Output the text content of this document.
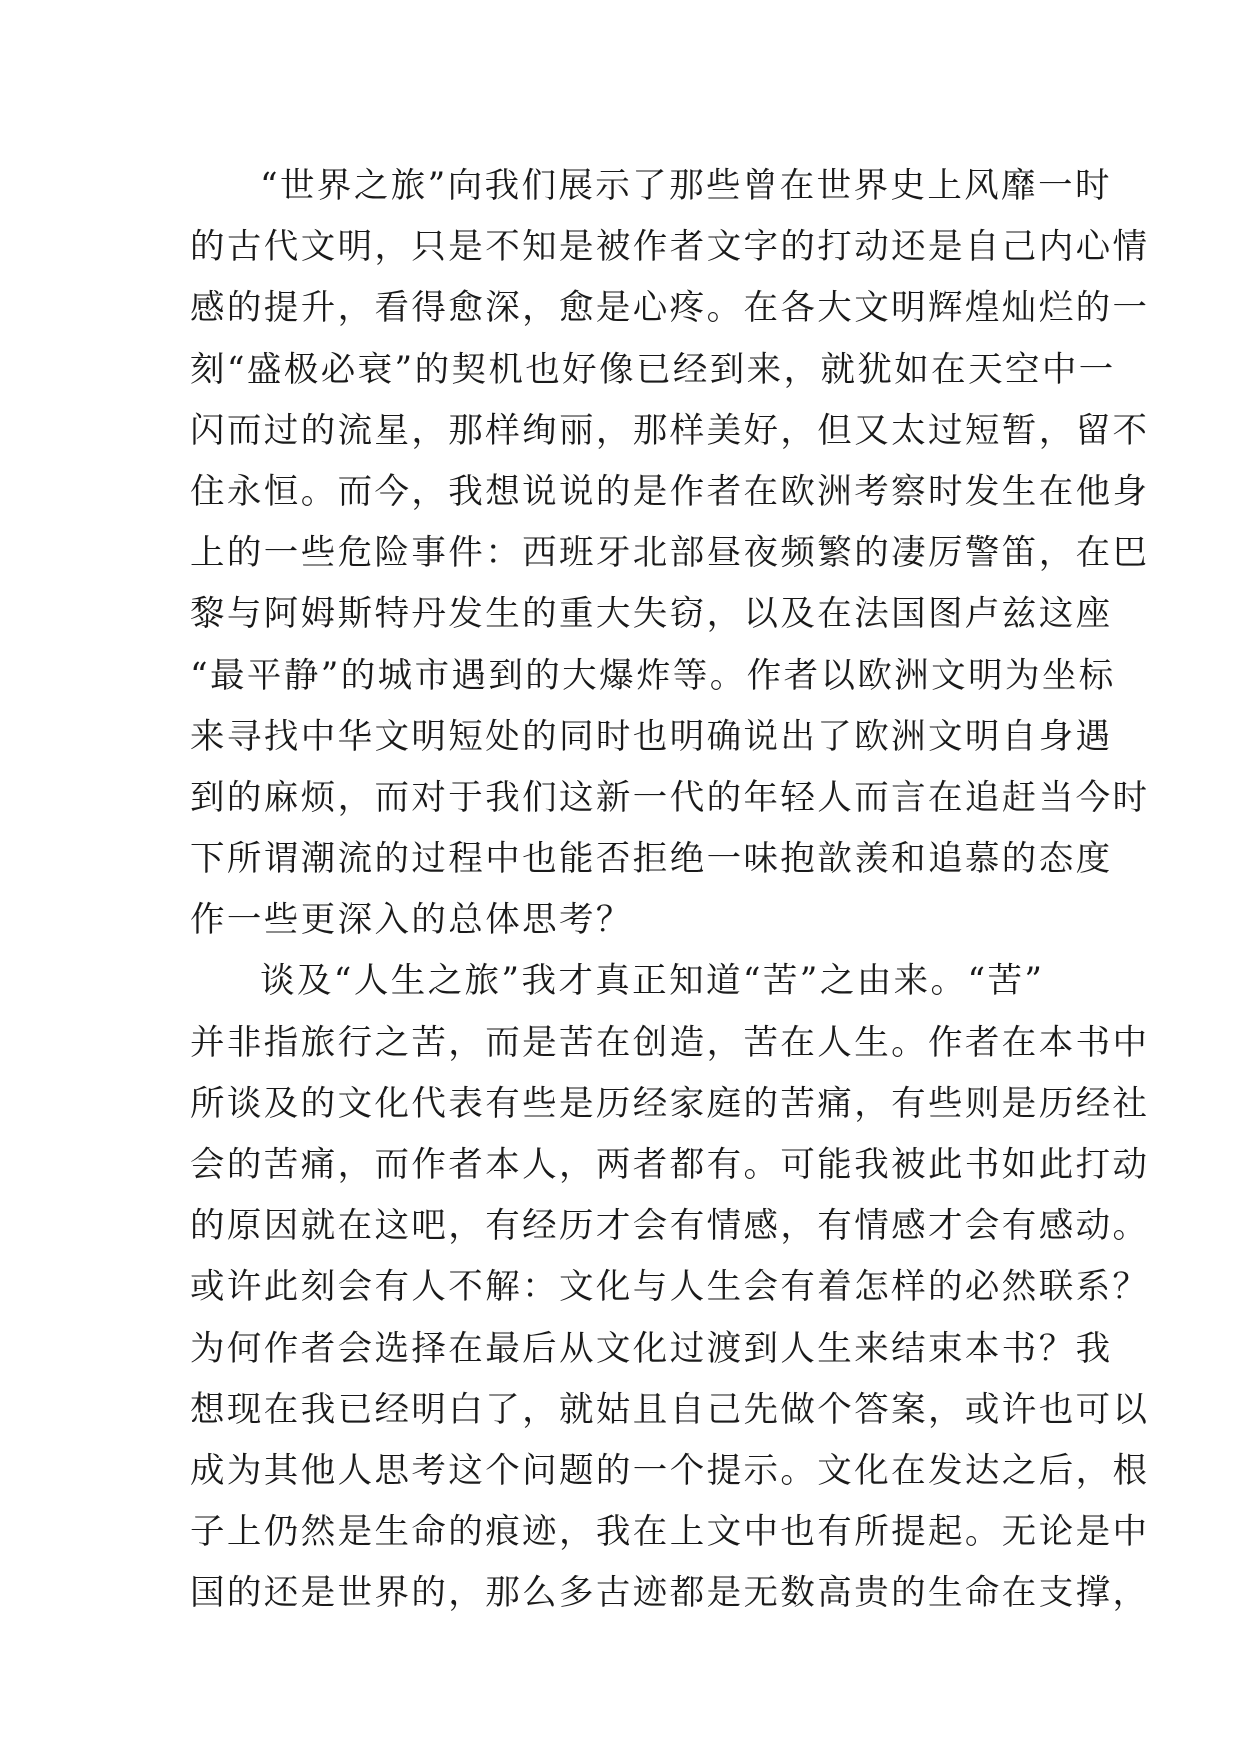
“世界之旅”向我们展示了那些曾在世界史上风靡一时
的古代文明，只是不知是被作者文字的打动还是自己内心情
感的提升，看得愈深，愈是心疼。在各大文明辉煌灿烂的一
刻“盛极必衰”的契机也好像已经到来，就犹如在天空中一
闪而过的流星，那样绚丽，那样美好，但又太过短暂，留不
住永恒。而今，我想说说的是作者在欧洲考察时发生在他身
上的一些危险事件：西班牙北部昼夜频繁的凄厉警笛，在巴
黎与阿姆斯特丹发生的重大失窃，以及在法国图卢兹这座
“最平静”的城市遇到的大爆炸等。作者以欧洲文明为坐标
来寻找中华文明短处的同时也明确说出了欧洲文明自身遇
到的麻烦，而对于我们这新一代的年轻人而言在追赶当今时
下所谓潮流的过程中也能否拒绝一味抱歆羡和追慕的态度
作一些更深入的总体思考？
谈及“人生之旅”我才真正知道“苦”之由来。“苦”
并非指旅行之苦，而是苦在创造，苦在人生。作者在本书中
所谈及的文化代表有些是历经家庭的苦痛，有些则是历经社
会的苦痛，而作者本人，两者都有。可能我被此书如此打动
的原因就在这吧，有经历才会有情感，有情感才会有感动。
或许此刻会有人不解：文化与人生会有着怎样的必然联系？
为何作者会选择在最后从文化过渡到人生来结束本书？我
想现在我已经明白了，就姑且自己先做个答案，或许也可以
成为其他人思考这个问题的一个提示。文化在发达之后，根
子上仍然是生命的痕迹，我在上文中也有所提起。无论是中
国的还是世界的，那么多古迹都是无数高贵的生命在支撑，
